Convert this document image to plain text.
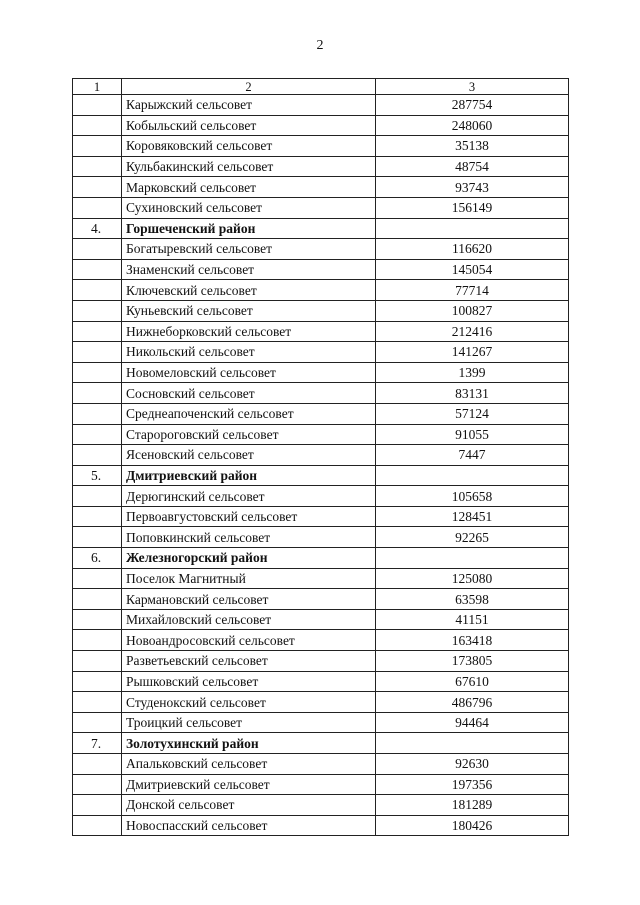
2
1	2	3
	Карыжский сельсовет	287754
	Кобыльский сельсовет	248060
	Коровяковский сельсовет	35138
	Кульбакинский сельсовет	48754
	Марковский сельсовет	93743
	Сухиновский сельсовет	156149
4.	Горшеченский район	
	Богатыревский сельсовет	116620
	Знаменский сельсовет	145054
	Ключевский сельсовет	77714
	Куньевский сельсовет	100827
	Нижнеборковский сельсовет	212416
	Никольский сельсовет	141267
	Новомеловский сельсовет	1399
	Сосновский сельсовет	83131
	Среднеапоченский сельсовет	57124
	Старороговский сельсовет	91055
	Ясеновский сельсовет	7447
5.	Дмитриевский район	
	Дерюгинский сельсовет	105658
	Первоавгустовский сельсовет	128451
	Поповкинский сельсовет	92265
6.	Железногорский район	
	Поселок Магнитный	125080
	Кармановский сельсовет	63598
	Михайловский сельсовет	41151
	Новоандросовский сельсовет	163418
	Разветьевский сельсовет	173805
	Рышковский сельсовет	67610
	Студенокский сельсовет	486796
	Троицкий сельсовет	94464
7.	Золотухинский район	
	Апальковский сельсовет	92630
	Дмитриевский сельсовет	197356
	Донской сельсовет	181289
	Новоспасский сельсовет	180426
